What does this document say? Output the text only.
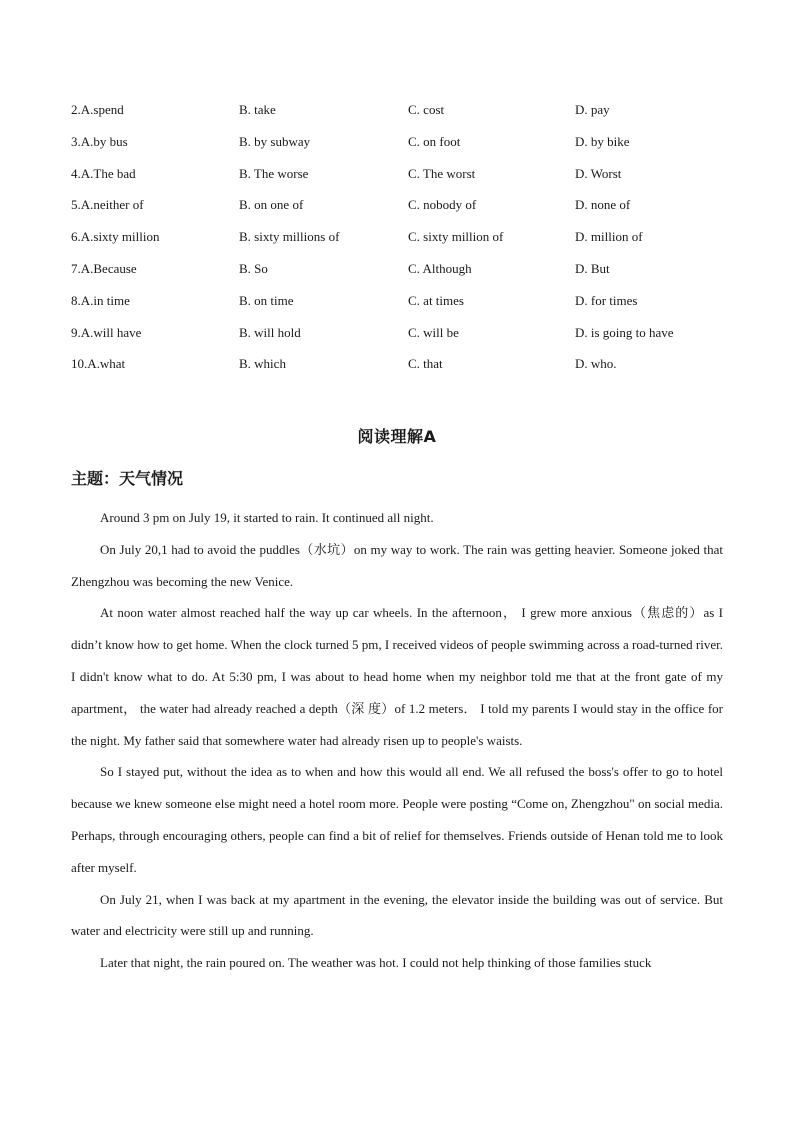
2.A.spend	B. take	C. cost	D. pay
3.A.by bus	B. by subway	C. on foot	D. by bike
4.A.The bad	B. The worse	C. The worst	D. Worst
5.A.neither of	B. on one of	C. nobody of	D. none of
6.A.sixty million	B. sixty millions of	C. sixty million of	D. million of
7.A.Because	B. So	C. Although	D. But
8.A.in time	B. on time	C. at times	D. for times
9.A.will have	B. will hold	C. will be	D. is going to have
10.A.what	B. which	C. that	D. who.
阅读理解A
主题：天气情况

Around 3 pm on July 19, it started to rain. It continued all night.

On July 20,1 had to avoid the puddles（水坑）on my way to work. The rain was getting heavier. Someone joked that Zhengzhou was becoming the new Venice.

At noon water almost reached half the way up car wheels. In the afternoon， I grew more anxious（焦虑的）as I didn’t know how to get home. When the clock turned 5 pm, I received videos of people swimming across a road-turned river. I didn't know what to do. At 5:30 pm, I was about to head home when my neighbor told me that at the front gate of my apartment， the water had already reached a depth（深 度）of 1.2 meters． I told my parents I would stay in the office for the night. My father said that somewhere water had already risen up to people's waists.

So I stayed put, without the idea as to when and how this would all end. We all refused the boss's offer to go to hotel because we knew someone else might need a hotel room more. People were posting “Come on, Zhengzhou" on social media. Perhaps, through encouraging others, people can find a bit of relief for themselves. Friends outside of Henan told me to look after myself.

On July 21, when I was back at my apartment in the evening, the elevator inside the building was out of service. But water and electricity were still up and running.

Later that night, the rain poured on. The weather was hot. I could not help thinking of those families stuck
